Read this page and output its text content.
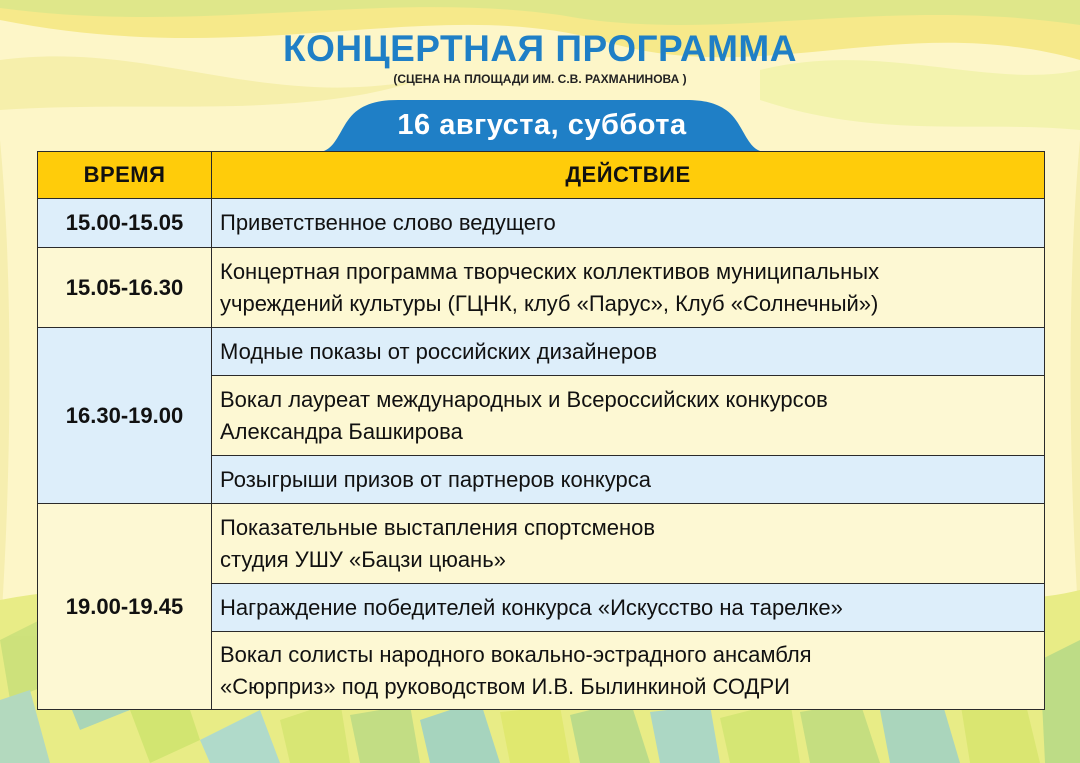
КОНЦЕРТНАЯ ПРОГРАММА
(СЦЕНА НА ПЛОЩАДИ ИМ. С.В. РАХМАНИНОВА )
16 августа, суббота
ВРЕМЯ	ДЕЙСТВИЕ
15.00-15.05	Приветственное слово ведущего

15.05-16.30	Концертная программа творческих коллективов муниципальных
учреждений культуры (ГЦНК, клуб «Парус», Клуб «Солнечный»)

16.30-19.00	Модные показы от российских дизайнеров

	Вокал лауреат международных и Всероссийских конкурсов
Александра Башкирова

	Розыгрыши призов от партнеров конкурса

19.00-19.45	Показательные выстапления спортсменов
студия УШУ «Бацзи цюань»

	Награждение победителей конкурса «Искусство на тарелке»

	Вокал солисты народного вокально-эстрадного ансамбля
«Сюрприз» под руководством И.В. Былинкиной СОДРИ
